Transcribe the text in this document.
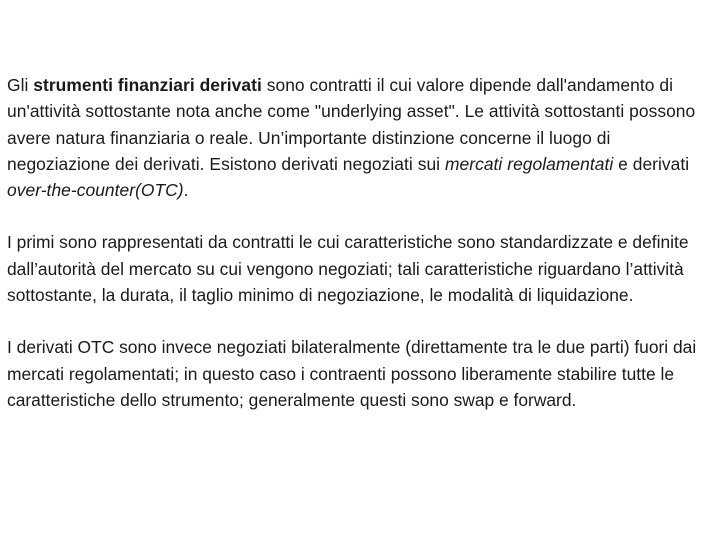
Gli strumenti finanziari derivati sono contratti il cui valore dipende dall'andamento di un'attività sottostante nota anche come "underlying asset". Le attività sottostanti possono avere natura finanziaria o reale. Un’importante distinzione concerne il luogo di negoziazione dei derivati. Esistono derivati negoziati sui mercati regolamentati e derivati over-the-counter(OTC).

I primi sono rappresentati da contratti le cui caratteristiche sono standardizzate e definite dall’autorità del mercato su cui vengono negoziati; tali caratteristiche riguardano l’attività sottostante, la durata, il taglio minimo di negoziazione, le modalità di liquidazione.

I derivati OTC sono invece negoziati bilateralmente (direttamente tra le due parti) fuori dai mercati regolamentati; in questo caso i contraenti possono liberamente stabilire tutte le caratteristiche dello strumento; generalmente questi sono swap e forward.
